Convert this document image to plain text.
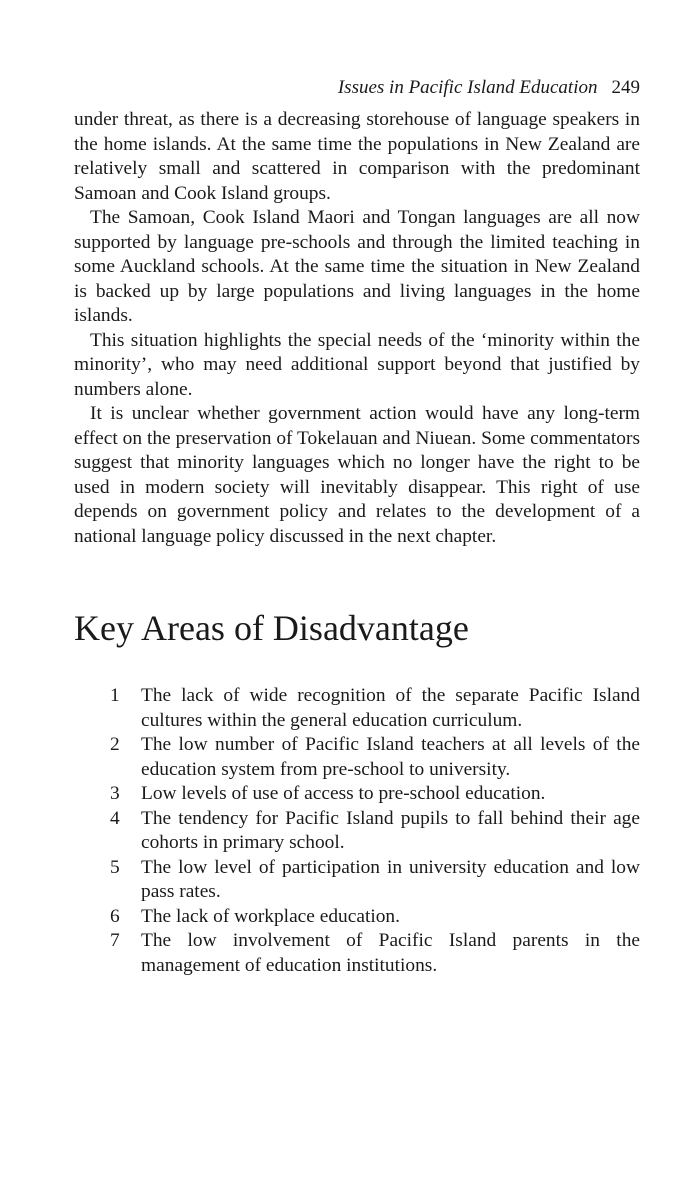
Issues in Pacific Island Education 249

under threat, as there is a decreasing storehouse of language speakers in the home islands. At the same time the populations in New Zealand are relatively small and scattered in comparison with the predominant Samoan and Cook Island groups.

The Samoan, Cook Island Maori and Tongan languages are all now supported by language pre-schools and through the limited teaching in some Auckland schools. At the same time the situation in New Zealand is backed up by large populations and living languages in the home islands.

This situation highlights the special needs of the ‘minority within the minority’, who may need additional support beyond that justified by numbers alone.

It is unclear whether government action would have any long-term effect on the preservation of Tokelauan and Niuean. Some commentators suggest that minority languages which no longer have the right to be used in modern society will inevitably disappear. This right of use depends on government policy and relates to the development of a national language policy discussed in the next chapter.

Key Areas of Disadvantage
1	The lack of wide recognition of the separate Pacific Island cultures within the general education curriculum.
2	The low number of Pacific Island teachers at all levels of the education system from pre-school to university.
3	Low levels of use of access to pre-school education.
4	The tendency for Pacific Island pupils to fall behind their age cohorts in primary school.
5	The low level of participation in university education and low pass rates.
6	The lack of workplace education.
7	The low involvement of Pacific Island parents in the management of education institutions.
